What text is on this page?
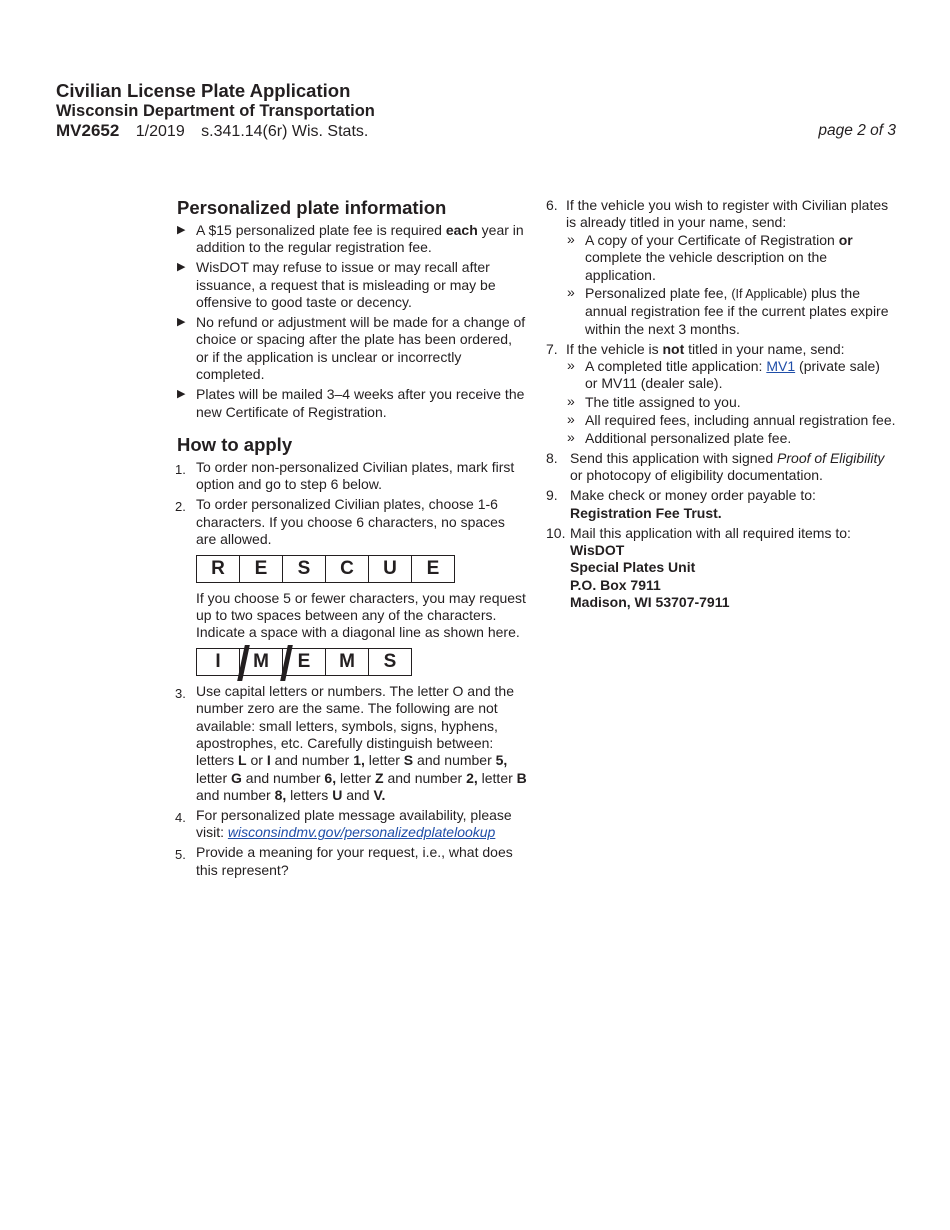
Civilian License Plate Application
Wisconsin Department of Transportation
MV2652 1/2019 s.341.14(6r) Wis. Stats.	page 2 of 3
Personalized plate information
▶ A $15 personalized plate fee is required each year in addition to the regular registration fee.
▶ WisDOT may refuse to issue or may recall after issuance, a request that is misleading or may be offensive to good taste or decency.
▶ No refund or adjustment will be made for a change of choice or spacing after the plate has been ordered, or if the application is unclear or incorrectly completed.
▶ Plates will be mailed 3–4 weeks after you receive the new Certificate of Registration.
How to apply
1. To order non-personalized Civilian plates, mark first option and go to step 6 below.
2. To order personalized Civilian plates, choose 1-6 characters. If you choose 6 characters, no spaces are allowed.
R	E	S	C	U	E
If you choose 5 or fewer characters, you may request up to two spaces between any of the characters. Indicate a space with a diagonal line as shown here.
I M	E	M	S
3. Use capital letters or numbers. The letter O and the number zero are the same. The following are not available: small letters, symbols, signs, hyphens, apostrophes, etc. Carefully distinguish between: letters L or I and number 1, letter S and number 5, letter G and number 6, letter Z and number 2, letter B and number 8, letters U and V.
4. For personalized plate message availability, please visit: wisconsindmv.gov/personalizedplatelookup
5. Provide a meaning for your request, i.e., what does this represent?
6. If the vehicle you wish to register with Civilian plates is already titled in your name, send:
» A copy of your Certificate of Registration or complete the vehicle description on the application.
» Personalized plate fee, (If Applicable) plus the annual registration fee if the current plates expire within the next 3 months.
7. If the vehicle is not titled in your name, send:
» A completed title application: MV1 (private sale) or MV11 (dealer sale).
» The title assigned to you.
» All required fees, including annual registration fee.
» Additional personalized plate fee.
8. Send this application with signed Proof of Eligibility or photocopy of eligibility documentation.
9. Make check or money order payable to:
Registration Fee Trust.
10. Mail this application with all required items to:
WisDOT
Special Plates Unit
P.O. Box 7911
Madison, WI 53707-7911
